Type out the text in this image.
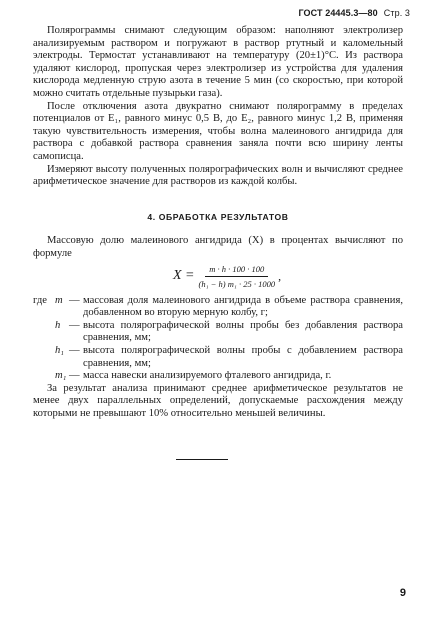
ГОСТ 24445.3—80 Стр. 3

Полярограммы снимают следующим образом: наполняют электролизер анализируемым раствором и погружают в раствор ртутный и каломельный электроды. Термостат устанавливают на температуру (20±1)°С. Из раствора удаляют кислород, пропуская через электролизер из устройства для удаления кислорода медленную струю азота в течение 5 мин (со скоростью, при которой можно считать отдельные пузырьки газа).

После отключения азота двукратно снимают полярограмму в пределах потенциалов от E₁, равного минус 0,5 В, до E₂, равного минус 1,2 В, применяя такую чувствительность измерения, чтобы волна малеинового ангидрида для раствора с добавкой раствора сравнения заняла почти всю ширину ленты самописца.

Измеряют высоту полученных полярографических волн и вычисляют среднее арифметическое значение для растворов из каждой колбы.

4. ОБРАБОТКА РЕЗУЛЬТАТОВ

Массовую долю малеинового ангидрида (X) в процентах вычисляют по формуле

$X = \frac{m \cdot h \cdot 100 \cdot 100}{\text{(h₁ − h) m₁ · 25 · 1000}}$ ,
где m — массовая доля малеинового ангидрида в объеме раствора сравнения, добавленном во вторую мерную колбу, г;
h — высота полярографической волны пробы без добавления раствора сравнения, мм;
h₁ — высота полярографической волны пробы с добавлением раствора сравнения, мм;
m₁ — масса навески анализируемого фталевого ангидрида, г.

За результат анализа принимают среднее арифметическое результатов не менее двух параллельных определений, допускаемые расхождения между которыми не превышают 10% относительно меньшей величины.

9
